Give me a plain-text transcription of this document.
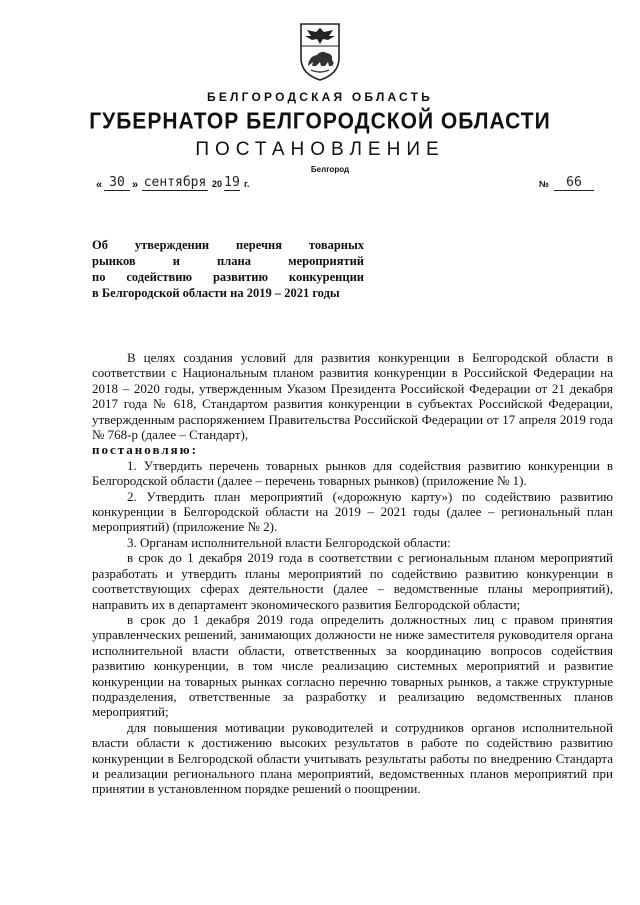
БЕЛГОРОДСКАЯ ОБЛАСТЬ
ГУБЕРНАТОР БЕЛГОРОДСКОЙ ОБЛАСТИ
ПОСТАНОВЛЕНИЕ
Белгород
« 30 » сентября 20 19 г.	№	66
Об утверждении перечня товарных
рынков и плана мероприятий
по содействию развитию конкуренции
в Белгородской области на 2019 – 2021 годы

В целях создания условий для развития конкуренции в Белгородской области в соответствии с Национальным планом развития конкуренции в Российской Федерации на 2018 – 2020 годы, утвержденным Указом Президента Российской Федерации от 21 декабря 2017 года № 618, Стандартом развития конкуренции в субъектах Российской Федерации, утвержденным распоряжением Правительства Российской Федерации от 17 апреля 2019 года № 768-р (далее – Стандарт),

постановляю:

1. Утвердить перечень товарных рынков для содействия развитию конкуренции в Белгородской области (далее – перечень товарных рынков) (приложение № 1).

2. Утвердить план мероприятий («дорожную карту») по содействию развитию конкуренции в Белгородской области на 2019 – 2021 годы (далее – региональный план мероприятий) (приложение № 2).

3. Органам исполнительной власти Белгородской области:

в срок до 1 декабря 2019 года в соответствии с региональным планом мероприятий разработать и утвердить планы мероприятий по содействию развитию конкуренции в соответствующих сферах деятельности (далее – ведомственные планы мероприятий), направить их в департамент экономического развития Белгородской области;

в срок до 1 декабря 2019 года определить должностных лиц с правом принятия управленческих решений, занимающих должности не ниже заместителя руководителя органа исполнительной власти области, ответственных за координацию вопросов содействия развитию конкуренции, в том числе реализацию системных мероприятий и развитие конкуренции на товарных рынках согласно перечню товарных рынков, а также структурные подразделения, ответственные за разработку и реализацию ведомственных планов мероприятий;

для повышения мотивации руководителей и сотрудников органов исполнительной власти области к достижению высоких результатов в работе по содействию развитию конкуренции в Белгородской области учитывать результаты работы по внедрению Стандарта и реализации регионального плана мероприятий, ведомственных планов мероприятий при принятии в установленном порядке решений о поощрении.
